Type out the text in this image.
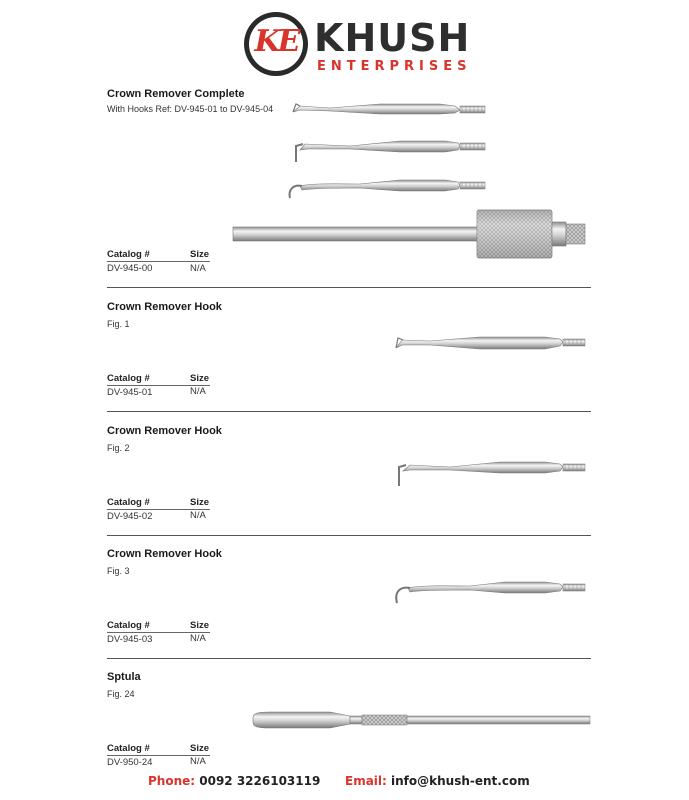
KE KHUSH
ENTERPRISES
Crown Remover Complete
With Hooks Ref: DV-945-01 to DV-945-04
Catalog #	Size
DV-945-00	N/A
Crown Remover Hook
Fig. 1
Catalog #	Size
DV-945-01	N/A
Crown Remover Hook
Fig. 2
Catalog #	Size
DV-945-02	N/A
Crown Remover Hook
Fig. 3
Catalog #	Size
DV-945-03	N/A
Sptula
Fig. 24
Catalog #	Size
DV-950-24	N/A
Phone: 0092 3226103119 Email: info@khush-ent.com
